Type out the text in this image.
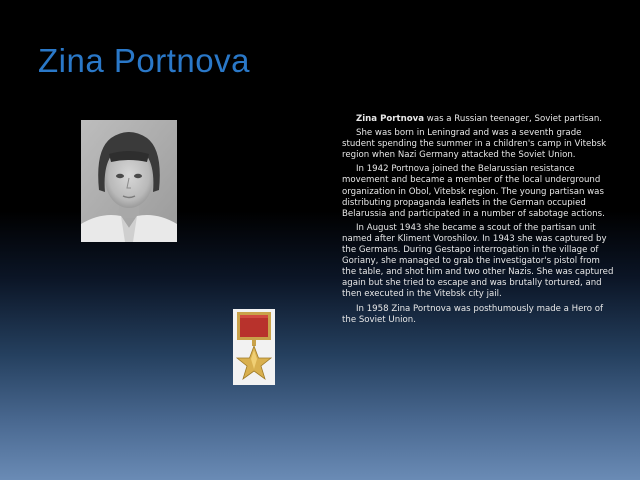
Zina Portnova

Zina Portnova was a Russian teenager, Soviet partisan.

She was born in Leningrad and was a seventh grade student spending the summer in a children's camp in Vitebsk region when Nazi Germany attacked the Soviet Union.

In 1942 Portnova joined the Belarussian resistance movement and became a member of the local underground organization in Obol, Vitebsk region. The young partisan was distributing propaganda leaflets in the German occupied Belarussia and participated in a number of sabotage actions.

In August 1943 she became a scout of the partisan unit named after Kliment Voroshilov. In 1943 she was captured by the Germans. During Gestapo interrogation in the village of Goriany, she managed to grab the investigator's pistol from the table, and shot him and two other Nazis. She was captured again but she tried to escape and was brutally tortured, and then executed in the Vitebsk city jail.

In 1958 Zina Portnova was posthumously made a Hero of the Soviet Union.
